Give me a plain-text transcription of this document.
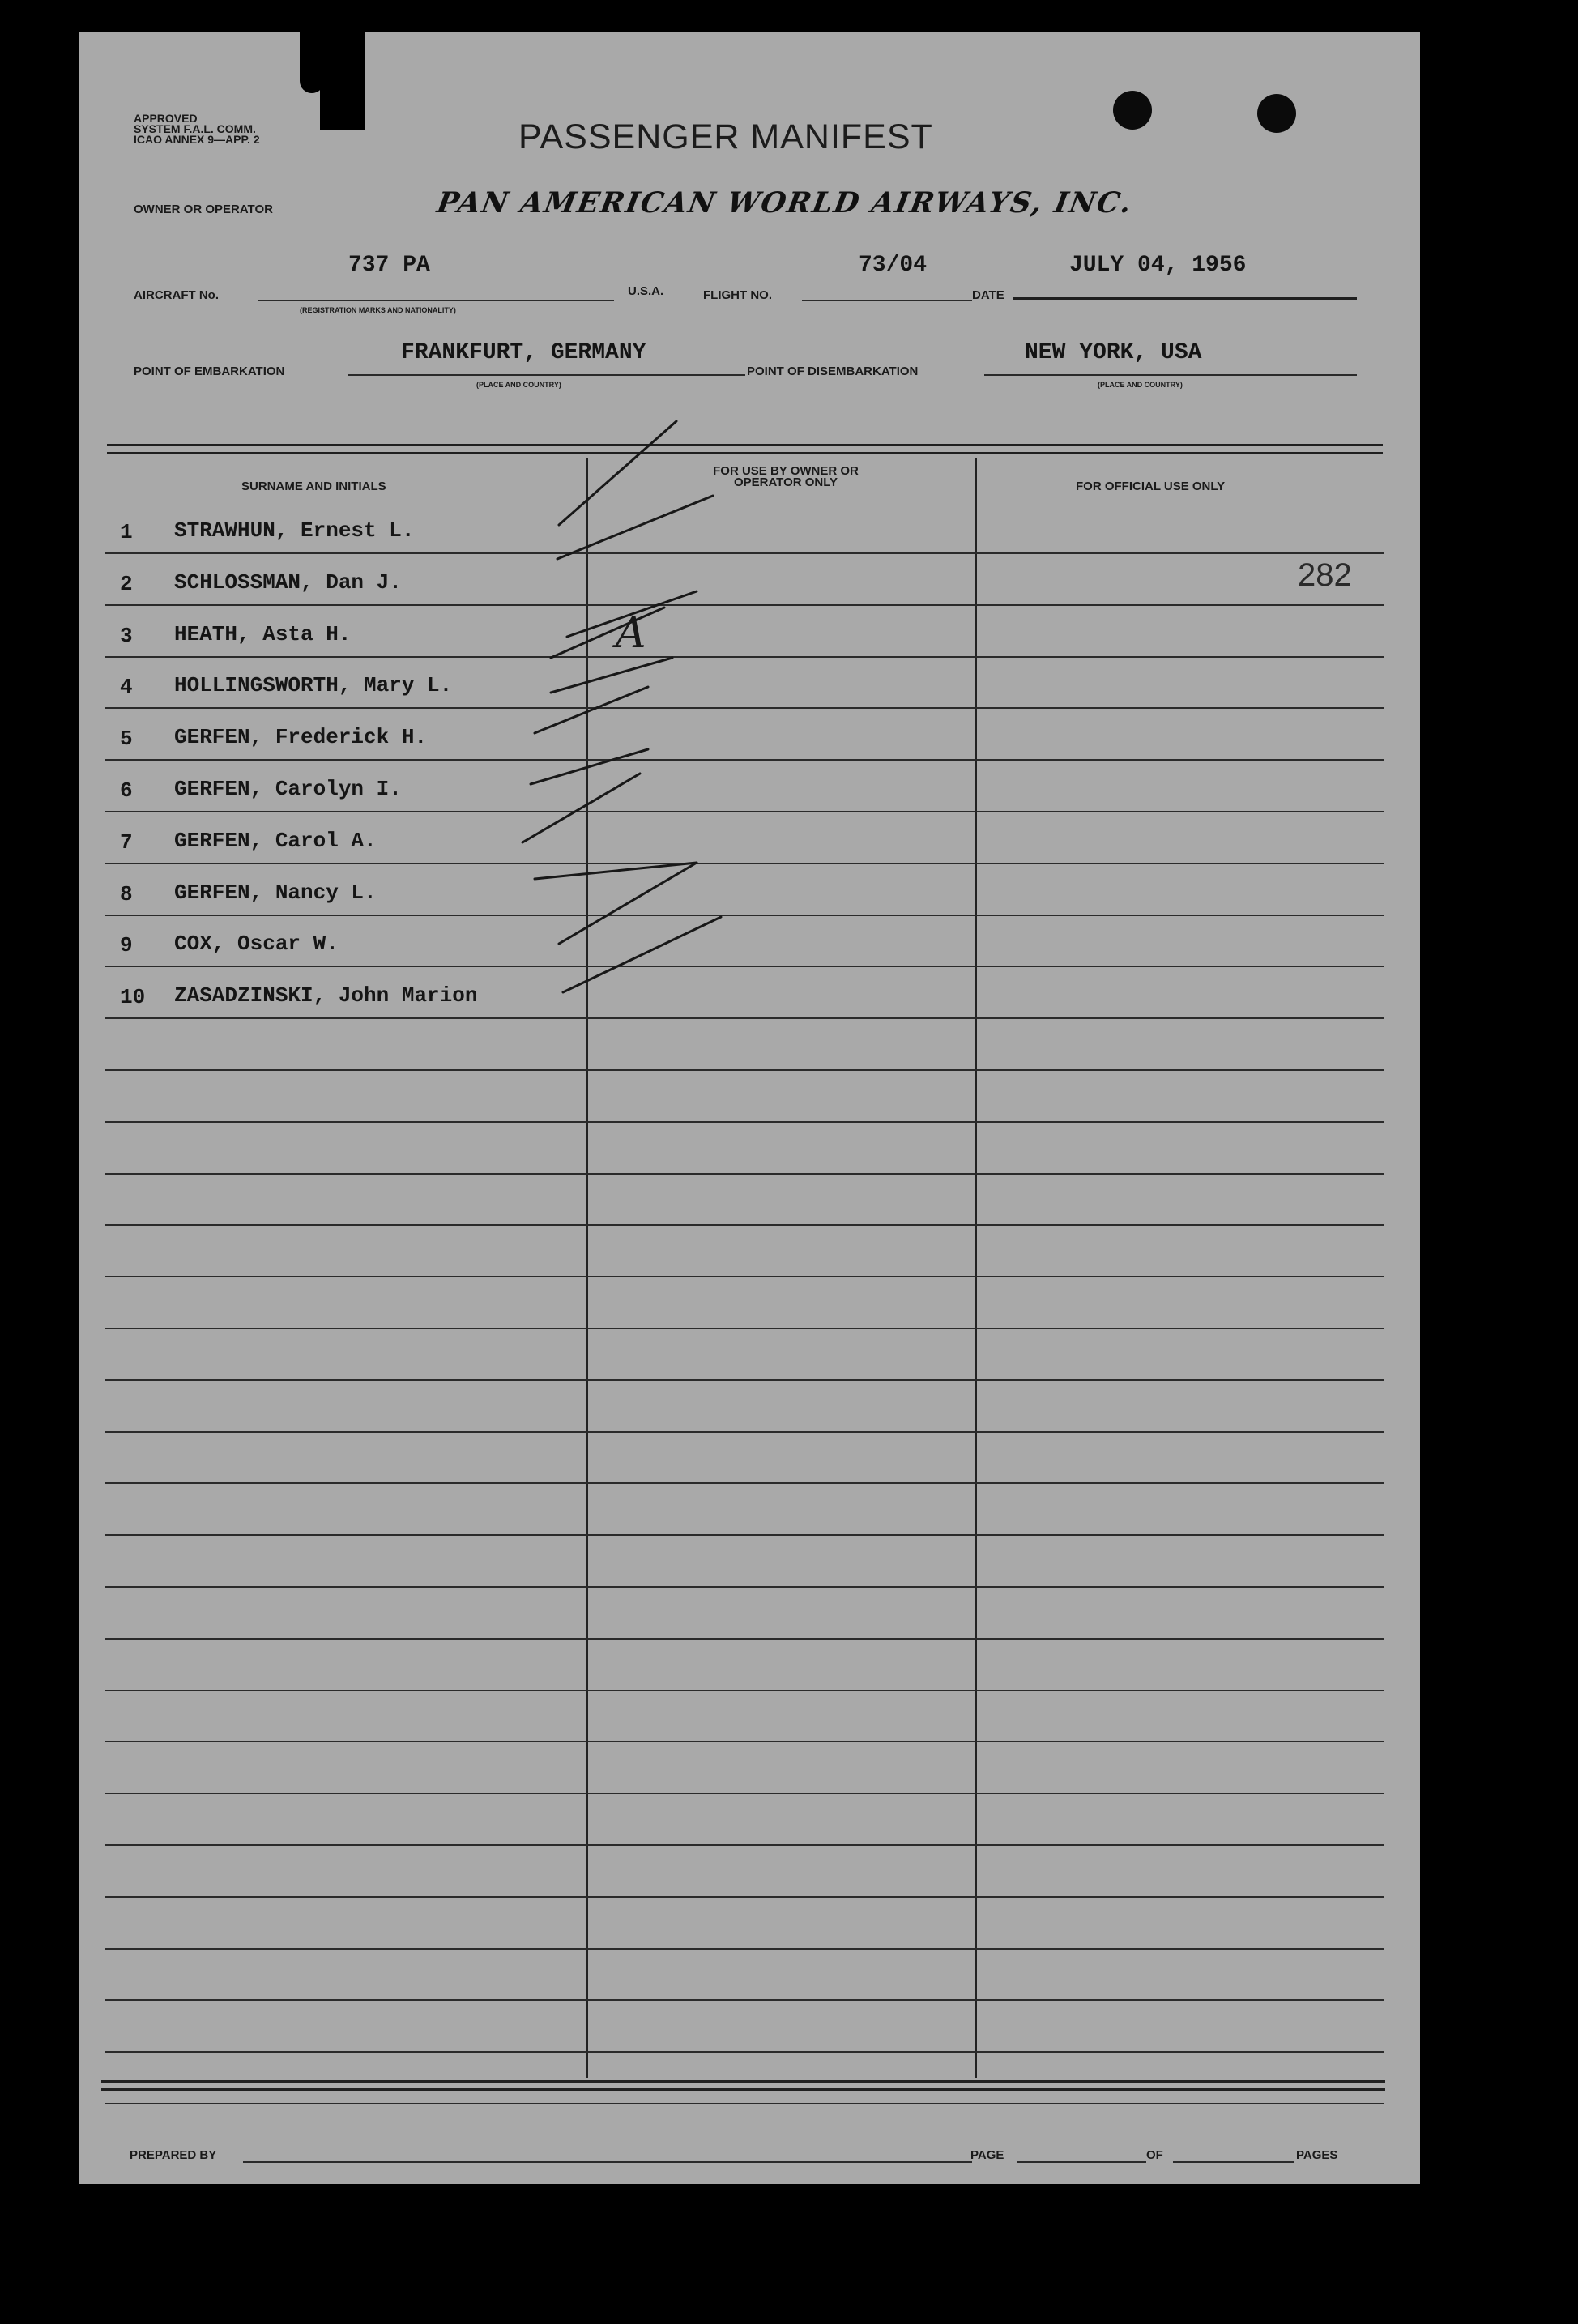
APPROVED
SYSTEM F.A.L. COMM.
ICAO ANNEX 9—APP. 2	PASSENGER MANIFEST
OWNER OR OPERATOR	PAN AMERICAN WORLD AIRWAYS, INC.
AIRCRAFT No.
737 PA
(REGISTRATION MARKS AND NATIONALITY)
U.S.A.	FLIGHT NO.
73/04
DATE
JULY 04, 1956
POINT OF EMBARKATION
FRANKFURT, GERMANY
(PLACE AND COUNTRY)
POINT OF DISEMBARKATION
NEW YORK, USA
(PLACE AND COUNTRY)
SURNAME AND INITIALS
FOR USE BY OWNER OR OPERATOR ONLY	FOR OFFICIAL USE ONLY
1 STRAWHUN, Ernest L.
2 SCHLOSSMAN, Dan J.
3 HEATH, Asta H.
4 HOLLINGSWORTH, Mary L.
5 GERFEN, Frederick H.
6 GERFEN, Carolyn I.
7 GERFEN, Carol A.
8 GERFEN, Nancy L.
9 COX, Oscar W.
10 ZASADZINSKI, John Marion
282
A
PREPARED BY	PAGE	OF	PAGES
